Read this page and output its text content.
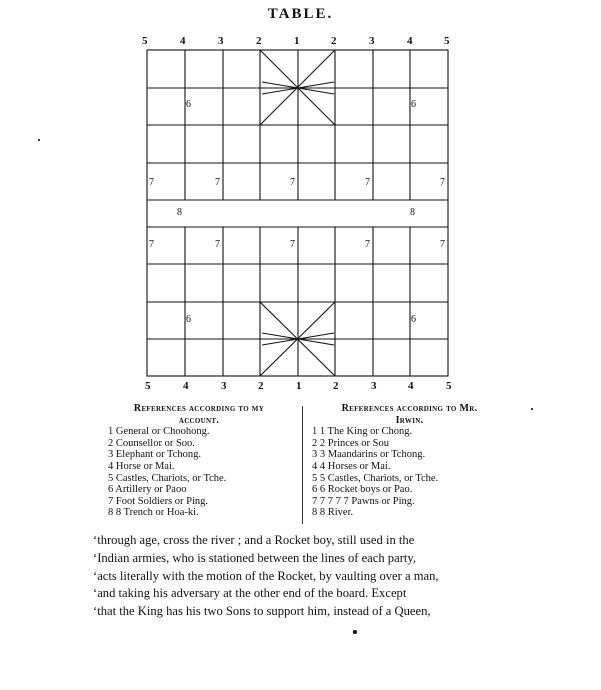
TABLE.
5	4	3	2	1	2	3	4	5
6	6
7	7	7	7	7
8	8
7	7	7	7	7
6	6
5	4	3	2	1	2	3	4	5
References according to my
account.
1 General or Choohong.
2 Counsellor or Soo.
3 Elephant or Tchong.
4 Horse or Mai.
5 Castles, Chariots, or Tche.
6 Artillery or Paoo
7 Foot Soldiers or Ping.
8 8 Trench or Hoa-ki.
References according to Mr.
Irwin.
1 1 The King or Chong.
2 2 Princes or Sou
3 3 Maandarins or Tchong.
4 4 Horses or Mai.
5 5 Castles, Chariots, or Tche.
6 6 Rocket boys or Pao.
7 7 7 7 7 Pawns or Ping.
8 8 River.
‘through age, cross the river ; and a Rocket boy, still used in the
‘Indian armies, who is stationed between the lines of each party,
‘acts literally with the motion of the Rocket, by vaulting over a man,
‘and taking his adversary at the other end of the board. Except
‘that the King has his two Sons to support him, instead of a Queen,
